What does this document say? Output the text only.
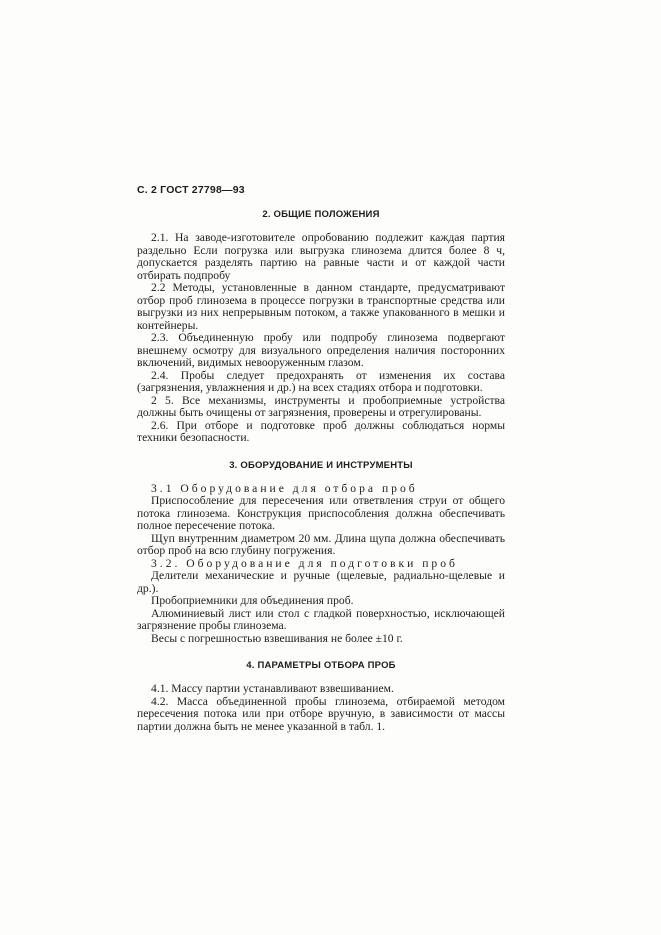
С. 2 ГОСТ 27798—93
2. ОБЩИЕ ПОЛОЖЕНИЯ

2.1. На заводе-изготовителе опробованию подлежит каждая партия раздельно Если погрузка или выгрузка глинозема длится более 8 ч, допускается разделять партию на равные части и от каждой части отбирать подпробу

2.2 Методы, установленные в данном стандарте, предусматривают отбор проб глинозема в процессе погрузки в транспортные средства или выгрузки из них непрерывным потоком, а также упакованного в мешки и контейнеры.

2.3. Объединенную пробу или подпробу глинозема подвергают внешнему осмотру для визуального определения наличия посторонних включений, видимых невооруженным глазом.

2.4. Пробы следует предохранять от изменения их состава (загрязнения, увлажнения и др.) на всех стадиях отбора и подготовки.

2 5. Все механизмы, инструменты и пробоприемные устройства должны быть очищены от загрязнения, проверены и отрегулированы.

2.6. При отборе и подготовке проб должны соблюдаться нормы техники безопасности.

3. ОБОРУДОВАНИЕ И ИНСТРУМЕНТЫ

3.1 Оборудование для отбора проб

Приспособление для пересечения или ответвления струи от общего потока глинозема. Конструкция приспособления должна обеспечивать полное пересечение потока.

Щуп внутренним диаметром 20 мм. Длина щупа должна обеспечивать отбор проб на всю глубину погружения.

3.2. Оборудование для подготовки проб

Делители механические и ручные (щелевые, радиально-щелевые и др.).

Пробоприемники для объединения проб.

Алюминиевый лист или стол с гладкой поверхностью, исключающей загрязнение пробы глинозема.

Весы с погрешностью взвешивания не более ±10 г.

4. ПАРАМЕТРЫ ОТБОРА ПРОБ

4.1. Массу партии устанавливают взвешиванием.

4.2. Масса объединенной пробы глинозема, отбираемой методом пересечения потока или при отборе вручную, в зависимости от массы партии должна быть не менее указанной в табл. 1.
